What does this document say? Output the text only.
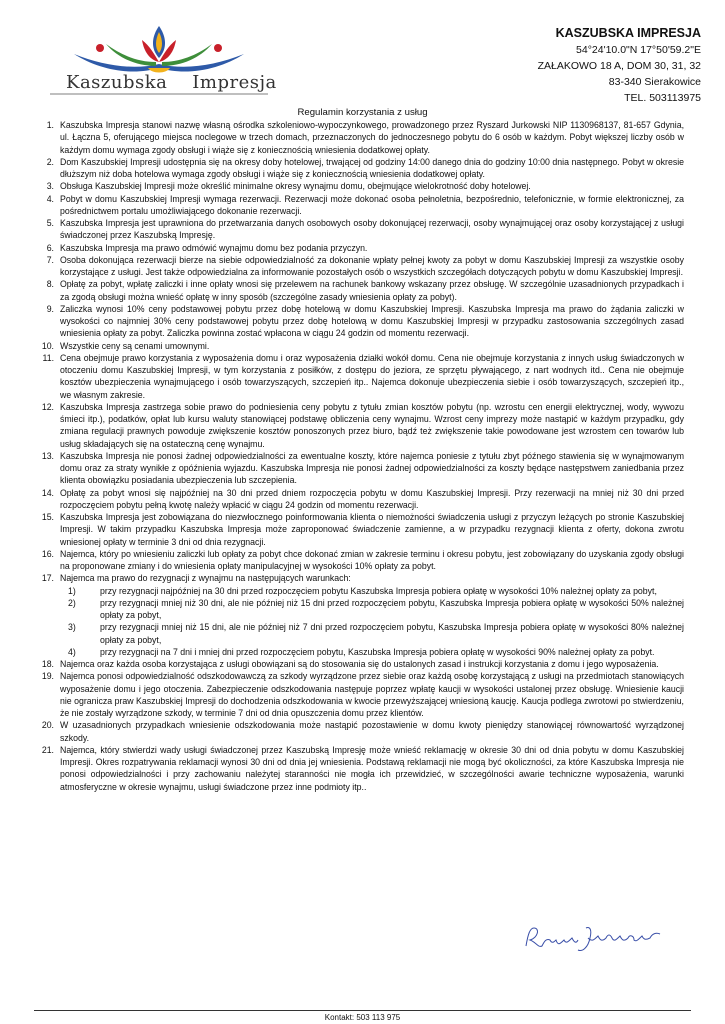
Kaszubska    Impresja
KASZUBSKA IMPRESJA
54°24'10.0"N 17°50'59.2"E
ZAŁAKOWO 18 A, DOM 30, 31, 32
83-340 Sierakowice
TEL. 503113975
Regulamin korzystania z usług
1. Kaszubska Impresja stanowi nazwę własną ośrodka szkoleniowo-wypoczynkowego, prowadzonego przez Ryszard Jurkowski NIP 1130968137, 81-657 Gdynia, ul. Łączna 5, oferującego miejsca noclegowe w trzech domach, przeznaczonych do jednoczesnego pobytu do 6 osób w każdym. Pobyt większej liczby osób w każdym domu wymaga zgody obsługi i wiąże się z koniecznością wniesienia dodatkowej opłaty.
2. Dom Kaszubskiej Impresji udostępnia się na okresy doby hotelowej, trwającej od godziny 14:00 danego dnia do godziny 10:00 dnia następnego. Pobyt w okresie dłuższym niż doba hotelowa wymaga zgody obsługi i wiąże się z koniecznością wniesienia dodatkowej opłaty.
3. Obsługa Kaszubskiej Impresji może określić minimalne okresy wynajmu domu, obejmujące wielokrotność doby hotelowej.
4. Pobyt w domu Kaszubskiej Impresji wymaga rezerwacji. Rezerwacji może dokonać osoba pełnoletnia, bezpośrednio, telefonicznie, w formie elektronicznej, za pośrednictwem portalu umożliwiającego dokonanie rezerwacji.
5. Kaszubska Impresja jest uprawniona do przetwarzania danych osobowych osoby dokonującej rezerwacji, osoby wynajmującej oraz osoby korzystającej z usługi świadczonej przez Kaszubską Impresję.
6. Kaszubska Impresja ma prawo odmówić wynajmu domu bez podania przyczyn.
7. Osoba dokonująca rezerwacji bierze na siebie odpowiedzialność za dokonanie wpłaty pełnej kwoty za pobyt w domu Kaszubskiej Impresji za wszystkie osoby korzystające z usługi. Jest także odpowiedzialna za informowanie pozostałych osób o wszystkich szczegółach dotyczących pobytu w domu Kaszubskiej Impresji.
8. Opłatę za pobyt, wpłatę zaliczki i inne opłaty wnosi się przelewem na rachunek bankowy wskazany przez obsługę. W szczególnie uzasadnionych przypadkach i za zgodą obsługi można wnieść opłatę w inny sposób (szczególne zasady wniesienia opłaty za pobyt).
9. Zaliczka wynosi 10% ceny podstawowej pobytu przez dobę hotelową w domu Kaszubskiej Impresji. Kaszubska Impresja ma prawo do żądania zaliczki w wysokości co najmniej 30% ceny podstawowej pobytu przez dobę hotelową w domu Kaszubskiej Impresji w przypadku zastosowania szczególnych zasad wniesienia opłaty za pobyt. Zaliczka powinna zostać wpłacona w ciągu 24 godzin od momentu rezerwacji.
10. Wszystkie ceny są cenami umownymi.
11. Cena obejmuje prawo korzystania z wyposażenia domu i oraz wyposażenia działki wokół domu. Cena nie obejmuje korzystania z innych usług świadczonych w otoczeniu domu Kaszubskiej Impresji, w tym korzystania z posiłków, z dostępu do jeziora, ze sprzętu pływającego, z nart wodnych itd.. Cena nie obejmuje kosztów ubezpieczenia wynajmującego i osób towarzyszących, szczepień itp.. Najemca dokonuje ubezpieczenia siebie i osób towarzyszących, szczepień itp., we własnym zakresie.
12. Kaszubska Impresja zastrzega sobie prawo do podniesienia ceny pobytu z tytułu zmian kosztów pobytu (np. wzrostu cen energii elektrycznej, wody, wywozu śmieci itp.), podatków, opłat lub kursu waluty stanowiącej podstawę obliczenia ceny wynajmu. Wzrost ceny imprezy może nastąpić w każdym przypadku, gdy zmiana regulacji prawnych powoduje zwiększenie kosztów ponoszonych przez biuro, bądź też zwiększenie takie powodowane jest wzrostem cen towarów lub usług składających się na ostateczną cenę wynajmu.
13. Kaszubska Impresja nie ponosi żadnej odpowiedzialności za ewentualne koszty, które najemca poniesie z tytułu zbyt późnego stawienia się w wynajmowanym domu oraz za straty wynikłe z opóźnienia wyjazdu. Kaszubska Impresja nie ponosi żadnej odpowiedzialności za koszty będące następstwem zaniedbania przez klienta obowiązku posiadania ubezpieczenia lub szczepienia.
14. Opłatę za pobyt wnosi się najpóźniej na 30 dni przed dniem rozpoczęcia pobytu w domu Kaszubskiej Impresji. Przy rezerwacji na mniej niż 30 dni przed rozpoczęciem pobytu pełną kwotę należy wpłacić w ciągu 24 godzin od momentu rezerwacji.
15. Kaszubska Impresja jest zobowiązana do niezwłocznego poinformowania klienta o niemożności świadczenia usługi z przyczyn leżących po stronie Kaszubskiej Impresji. W takim przypadku Kaszubska Impresja może zaproponować świadczenie zamienne, a w przypadku rezygnacji klienta z oferty, dokona zwrotu wniesionej opłaty w terminie 3 dni od dnia rezygnacji.
16. Najemca, który po wniesieniu zaliczki lub opłaty za pobyt chce dokonać zmian w zakresie terminu i okresu pobytu, jest zobowiązany do uzyskania zgody obsługi na proponowane zmiany i do wniesienia opłaty manipulacyjnej w wysokości 10% opłaty za pobyt.
17. Najemca ma prawo do rezygnacji z wynajmu na następujących warunkach:
1)	przy rezygnacji najpóźniej na 30 dni przed rozpoczęciem pobytu Kaszubska Impresja pobiera opłatę w wysokości 10% należnej opłaty za pobyt,
2)	przy rezygnacji mniej niż 30 dni, ale nie później niż 15 dni przed rozpoczęciem pobytu, Kaszubska Impresja pobiera opłatę w wysokości 50% należnej opłaty za pobyt,
3)	przy rezygnacji mniej niż 15 dni, ale nie później niż 7 dni przed rozpoczęciem pobytu, Kaszubska Impresja pobiera opłatę w wysokości 80% należnej opłaty za pobyt,
4)	przy rezygnacji na 7 dni i mniej dni przed rozpoczęciem pobytu, Kaszubska Impresja pobiera opłatę w wysokości 90% należnej opłaty za pobyt.
18. Najemca oraz każda osoba korzystająca z usługi obowiązani są do stosowania się do ustalonych zasad i instrukcji korzystania z domu i jego wyposażenia.
19. Najemca ponosi odpowiedzialność odszkodowawczą za szkody wyrządzone przez siebie oraz każdą osobę korzystającą z usługi na przedmiotach stanowiących wyposażenie domu i jego otoczenia. Zabezpieczenie odszkodowania następuje poprzez wpłatę kaucji w wysokości ustalonej przez obsługę. Wniesienie kaucji nie ogranicza praw Kaszubskiej Impresji do dochodzenia odszkodowania w kwocie przewyższającej wniesioną kaucję. Kaucja podlega zwrotowi po stwierdzeniu, że nie zostały wyrządzone szkody, w terminie 7 dni od dnia opuszczenia domu przez klientów.
20. W uzasadnionych przypadkach wniesienie odszkodowania może nastąpić pozostawienie w domu kwoty pieniędzy stanowiącej równowartość wyrządzonej szkody.
21. Najemca, który stwierdzi wady usługi świadczonej przez Kaszubską Impresję może wnieść reklamację w okresie 30 dni od dnia pobytu w domu Kaszubskiej Impresji. Okres rozpatrywania reklamacji wynosi 30 dni od dnia jej wniesienia. Podstawą reklamacji nie mogą być okoliczności, za które Kaszubska Impresja nie ponosi odpowiedzialności i przy zachowaniu należytej staranności nie mogła ich przewidzieć, w szczególności awarie techniczne wyposażenia, warunki atmosferyczne w okresie wynajmu, usługi świadczone przez inne podmioty itp..
Kontakt: 503 113 975
